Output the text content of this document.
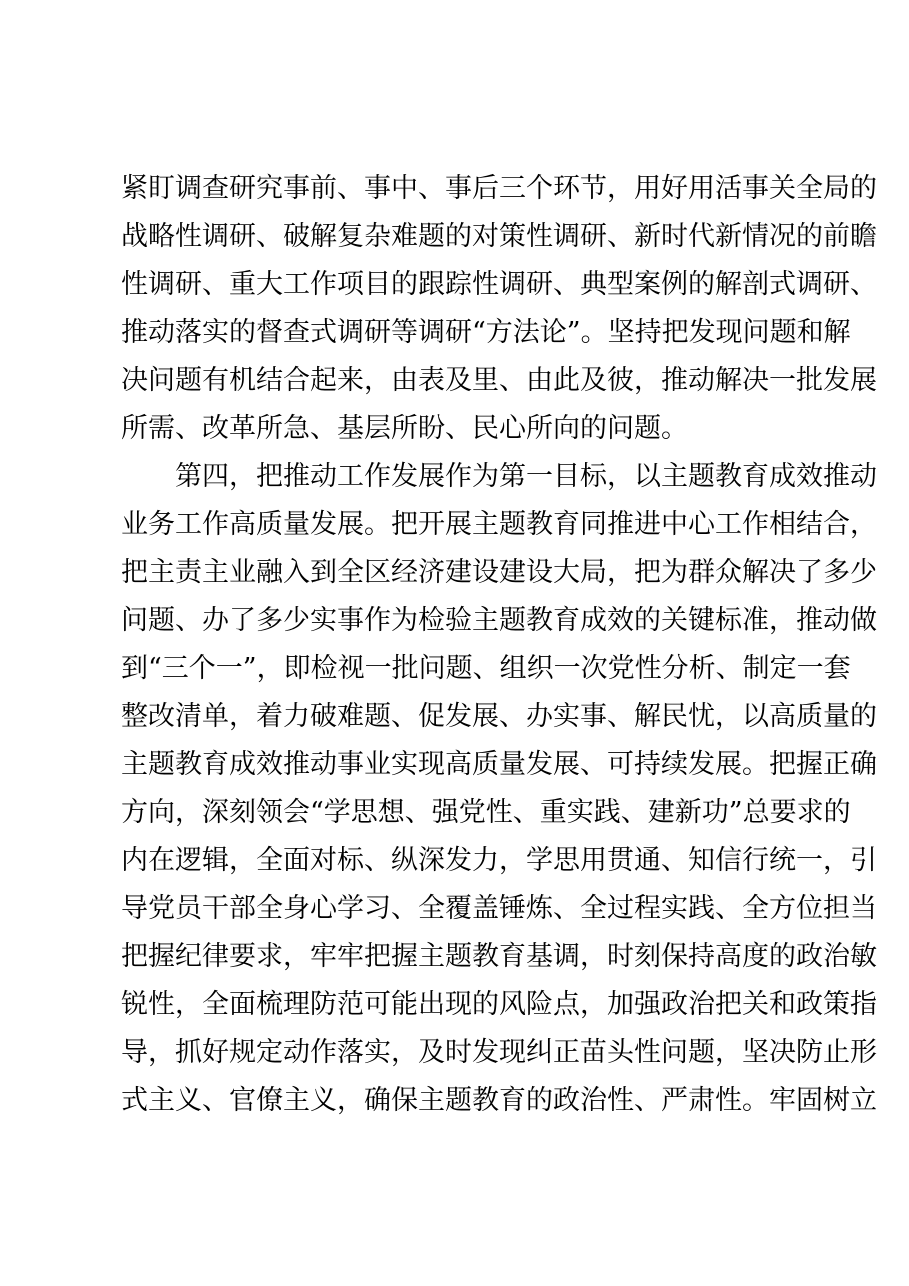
紧盯调查研究事前、事中、事后三个环节，用好用活事关全局的
战略性调研、破解复杂难题的对策性调研、新时代新情况的前瞻
性调研、重大工作项目的跟踪性调研、典型案例的解剖式调研、
推动落实的督查式调研等调研“方法论”。坚持把发现问题和解
决问题有机结合起来，由表及里、由此及彼，推动解决一批发展
所需、改革所急、基层所盼、民心所向的问题。
第四，把推动工作发展作为第一目标，以主题教育成效推动
业务工作高质量发展。把开展主题教育同推进中心工作相结合，
把主责主业融入到全区经济建设建设大局，把为群众解决了多少
问题、办了多少实事作为检验主题教育成效的关键标准，推动做
到“三个一”，即检视一批问题、组织一次党性分析、制定一套
整改清单，着力破难题、促发展、办实事、解民忧，以高质量的
主题教育成效推动事业实现高质量发展、可持续发展。把握正确
方向，深刻领会“学思想、强党性、重实践、建新功”总要求的
内在逻辑，全面对标、纵深发力，学思用贯通、知信行统一，引
导党员干部全身心学习、全覆盖锤炼、全过程实践、全方位担当
把握纪律要求，牢牢把握主题教育基调，时刻保持高度的政治敏
锐性，全面梳理防范可能出现的风险点，加强政治把关和政策指
导，抓好规定动作落实，及时发现纠正苗头性问题，坚决防止形
式主义、官僚主义，确保主题教育的政治性、严肃性。牢固树立
